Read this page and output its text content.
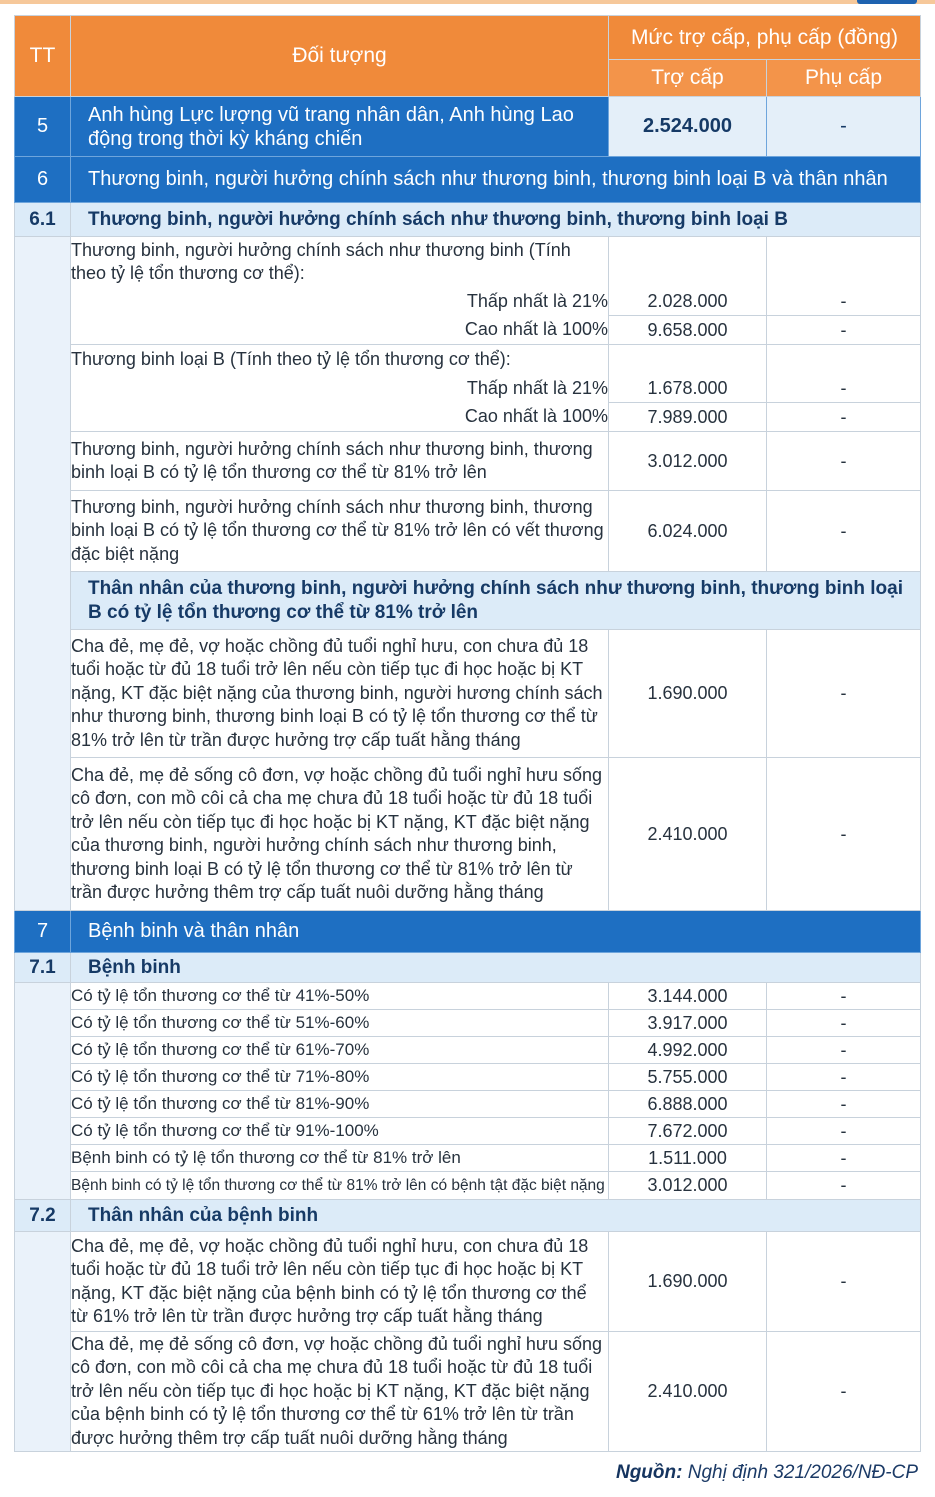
TT	Đối tượng	Mức trợ cấp, phụ cấp (đồng)	
		Trợ cấp	Phụ cấp
5	Anh hùng Lực lượng vũ trang nhân dân, Anh hùng Lao động trong thời kỳ kháng chiến	2.524.000	-
6	Thương binh, người hưởng chính sách như thương binh, thương binh loại B và thân nhân		
6.1	Thương binh, người hưởng chính sách như thương binh, thương binh loại B		
	Thương binh, người hưởng chính sách như thương binh (Tính theo tỷ lệ tổn thương cơ thể):		
	Thấp nhất là 21%	2.028.000	-
	Cao nhất là 100%	9.658.000	-
	Thương binh loại B (Tính theo tỷ lệ tổn thương cơ thể):		
	Thấp nhất là 21%	1.678.000	-
	Cao nhất là 100%	7.989.000	-
	Thương binh, người hưởng chính sách như thương binh, thương binh loại B có tỷ lệ tổn thương cơ thể từ 81% trở lên	3.012.000	-
	Thương binh, người hưởng chính sách như thương binh, thương binh loại B có tỷ lệ tổn thương cơ thể từ 81% trở lên có vết thương đặc biệt nặng	6.024.000	-
	Thân nhân của thương binh, người hưởng chính sách như thương binh, thương binh loại B có tỷ lệ tổn thương cơ thể từ 81% trở lên		
	Cha đẻ, mẹ đẻ, vợ hoặc chồng đủ tuổi nghỉ hưu, con chưa đủ 18 tuổi hoặc từ đủ 18 tuổi trở lên nếu còn tiếp tục đi học hoặc bị KT nặng, KT đặc biệt nặng của thương binh, người hương chính sách như thương binh, thương binh loại B có tỷ lệ tổn thương cơ thể từ 81% trở lên từ trần được hưởng trợ cấp tuất hằng tháng	1.690.000	-
	Cha đẻ, mẹ đẻ sống cô đơn, vợ hoặc chồng đủ tuổi nghỉ hưu sống cô đơn, con mồ côi cả cha mẹ chưa đủ 18 tuổi hoặc từ đủ 18 tuổi trở lên nếu còn tiếp tục đi học hoặc bị KT nặng, KT đặc biệt nặng của thương binh, người hưởng chính sách như thương binh, thương binh loại B có tỷ lệ tổn thương cơ thể từ 81% trở lên từ trần được hưởng thêm trợ cấp tuất nuôi dưỡng hằng tháng	2.410.000	-
7	Bệnh binh và thân nhân		
7.1	Bệnh binh		
	Có tỷ lệ tổn thương cơ thể từ 41%-50%	3.144.000	-
	Có tỷ lệ tổn thương cơ thể từ 51%-60%	3.917.000	-
	Có tỷ lệ tổn thương cơ thể từ 61%-70%	4.992.000	-
	Có tỷ lệ tổn thương cơ thể từ 71%-80%	5.755.000	-
	Có tỷ lệ tổn thương cơ thể từ 81%-90%	6.888.000	-
	Có tỷ lệ tổn thương cơ thể từ 91%-100%	7.672.000	-
	Bệnh binh có tỷ lệ tổn thương cơ thể từ 81% trở lên	1.511.000	-
	Bệnh binh có tỷ lệ tổn thương cơ thể từ 81% trở lên có bệnh tật đặc biệt nặng	3.012.000	-
7.2	Thân nhân của bệnh binh		
	Cha đẻ, mẹ đẻ, vợ hoặc chồng đủ tuổi nghỉ hưu, con chưa đủ 18 tuổi hoặc từ đủ 18 tuổi trở lên nếu còn tiếp tục đi học hoặc bị KT nặng, KT đặc biệt nặng của bệnh binh có tỷ lệ tổn thương cơ thể từ 61% trở lên từ trần được hưởng trợ cấp tuất hằng tháng	1.690.000	-
	Cha đẻ, mẹ đẻ sống cô đơn, vợ hoặc chồng đủ tuổi nghỉ hưu sống cô đơn, con mồ côi cả cha mẹ chưa đủ 18 tuổi hoặc từ đủ 18 tuổi trở lên nếu còn tiếp tục đi học hoặc bị KT nặng, KT đặc biệt nặng của bệnh binh có tỷ lệ tổn thương cơ thể từ 61% trở lên từ trần được hưởng thêm trợ cấp tuất nuôi dưỡng hằng tháng	2.410.000	-
Nguồn: Nghị định 321/2026/NĐ-CP
